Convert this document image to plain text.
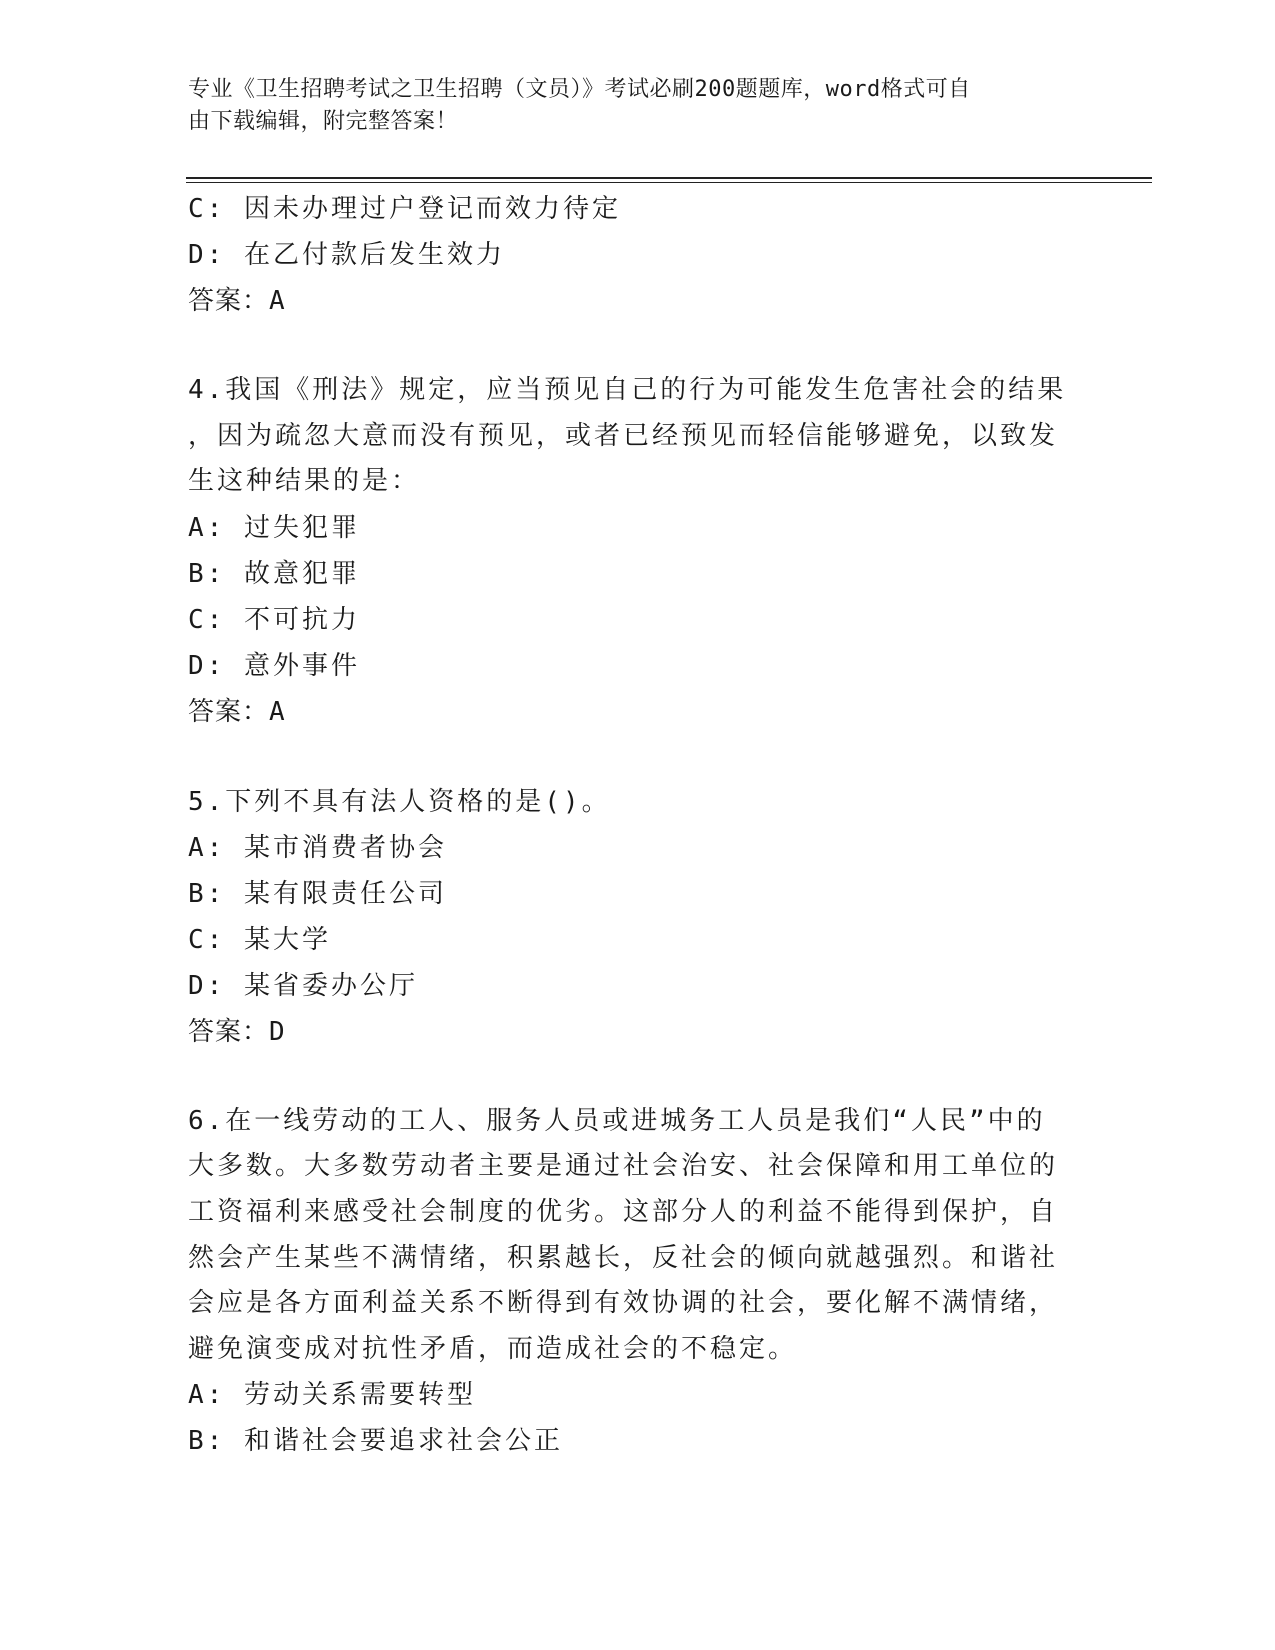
专业《卫生招聘考试之卫生招聘（文员）》考试必刷200题题库，word格式可自
由下载编辑，附完整答案！
C: 因未办理过户登记而效力待定
D: 在乙付款后发生效力
答案：A
4.我国《刑法》规定，应当预见自己的行为可能发生危害社会的结果
，因为疏忽大意而没有预见，或者已经预见而轻信能够避免，以致发
生这种结果的是：
A: 过失犯罪
B: 故意犯罪
C: 不可抗力
D: 意外事件
答案：A
5.下列不具有法人资格的是()。
A: 某市消费者协会
B: 某有限责任公司
C: 某大学
D: 某省委办公厅
答案：D
6.在一线劳动的工人、服务人员或进城务工人员是我们“人民”中的
大多数。大多数劳动者主要是通过社会治安、社会保障和用工单位的
工资福利来感受社会制度的优劣。这部分人的利益不能得到保护，自
然会产生某些不满情绪，积累越长，反社会的倾向就越强烈。和谐社
会应是各方面利益关系不断得到有效协调的社会，要化解不满情绪，
避免演变成对抗性矛盾，而造成社会的不稳定。
A: 劳动关系需要转型
B: 和谐社会要追求社会公正
